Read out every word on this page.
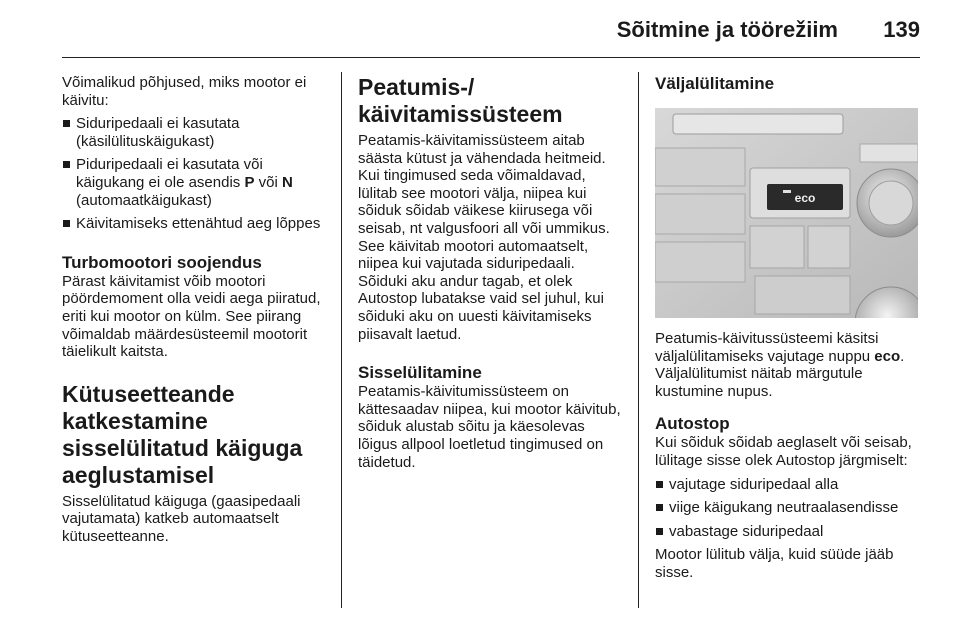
Sõitmine ja töörežiim 139

Võimalikud põhjused, miks mootor ei käivitu:

Siduripedaali ei kasutata (käsilülituskäigukast)
Piduripedaali ei kasutata või käigukang ei ole asendis P või N (automaatkäigukast)
Käivitamiseks ettenähtud aeg lõppes
Turbomootori soojendus

Pärast käivitamist võib mootori pöördemoment olla veidi aega piiratud, eriti kui mootor on külm. See piirang võimaldab määrdesüsteemil mootorit täielikult kaitsta.

Kütuseetteande katkestamine sisselülitatud käiguga aeglustamisel

Sisselülitatud käiguga (gaasipedaali vajutamata) katkeb automaatselt kütuseetteanne.

Peatumis-/ käivitamissüsteem

Peatamis-käivitamissüsteem aitab säästa kütust ja vähendada heitmeid. Kui tingimused seda võimaldavad, lülitab see mootori välja, niipea kui sõiduk sõidab väikese kiirusega või seisab, nt valgusfoori all või ummikus. See käivitab mootori automaatselt, niipea kui vajutada siduripedaali. Sõiduki aku andur tagab, et olek Autostop lubatakse vaid sel juhul, kui sõiduki aku on uuesti käivitamiseks piisavalt laetud.

Sisselülitamine

Peatamis-käivitumissüsteem on kättesaadav niipea, kui mootor käivitub, sõiduk alustab sõitu ja käesolevas lõigus allpool loetletud tingimused on täidetud.

Väljalülitamine
eco

Peatumis-käivitussüsteemi käsitsi väljalülitamiseks vajutage nuppu eco. Väljalülitumist näitab märgutule kustumine nupus.

Autostop

Kui sõiduk sõidab aeglaselt või seisab, lülitage sisse olek Autostop järgmiselt:

vajutage siduripedaal alla
viige käigukang neutraalasendisse
vabastage siduripedaal

Mootor lülitub välja, kuid süüde jääb sisse.
